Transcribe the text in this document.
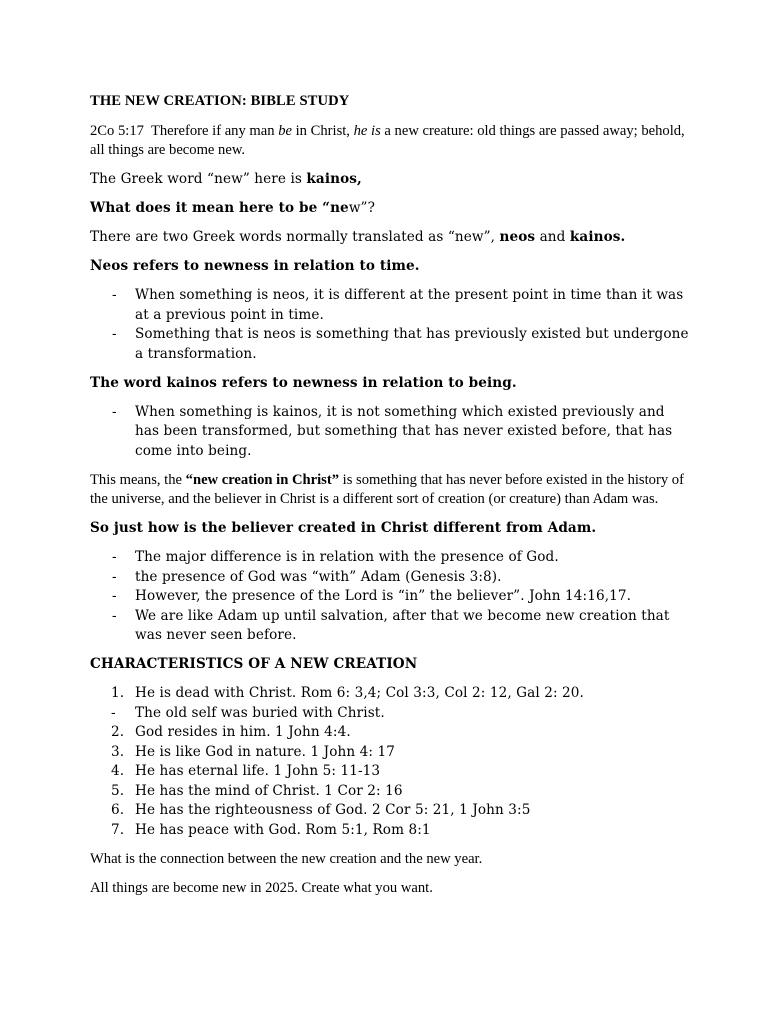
THE NEW CREATION: BIBLE STUDY

2Co 5:17 Therefore if any man be in Christ, he is a new creature: old things are passed away; behold, all things are become new.

The Greek word “new” here is kainos,

What does it mean here to be “new”?

There are two Greek words normally translated as “new”, neos and kainos.

Neos refers to newness in relation to time.

- When something is neos, it is different at the present point in time than it was at a previous point in time.
- Something that is neos is something that has previously existed but undergone a transformation.

The word kainos refers to newness in relation to being.

- When something is kainos, it is not something which existed previously and has been transformed, but something that has never existed before, that has come into being.

This means, the “new creation in Christ” is something that has never before existed in the history of the universe, and the believer in Christ is a different sort of creation (or creature) than Adam was.

So just how is the believer created in Christ different from Adam.

- The major difference is in relation with the presence of God.
- the presence of God was “with” Adam (Genesis 3:8).
- However, the presence of the Lord is “in” the believer”. John 14:16,17.
- We are like Adam up until salvation, after that we become new creation that was never seen before.

CHARACTERISTICS OF A NEW CREATION

1. He is dead with Christ. Rom 6: 3,4; Col 3:3, Col 2: 12, Gal 2: 20.
- The old self was buried with Christ.
2. God resides in him. 1 John 4:4.
3. He is like God in nature. 1 John 4: 17
4. He has eternal life. 1 John 5: 11-13
5. He has the mind of Christ. 1 Cor 2: 16
6. He has the righteousness of God. 2 Cor 5: 21, 1 John 3:5
7. He has peace with God. Rom 5:1, Rom 8:1

What is the connection between the new creation and the new year.

All things are become new in 2025. Create what you want.
